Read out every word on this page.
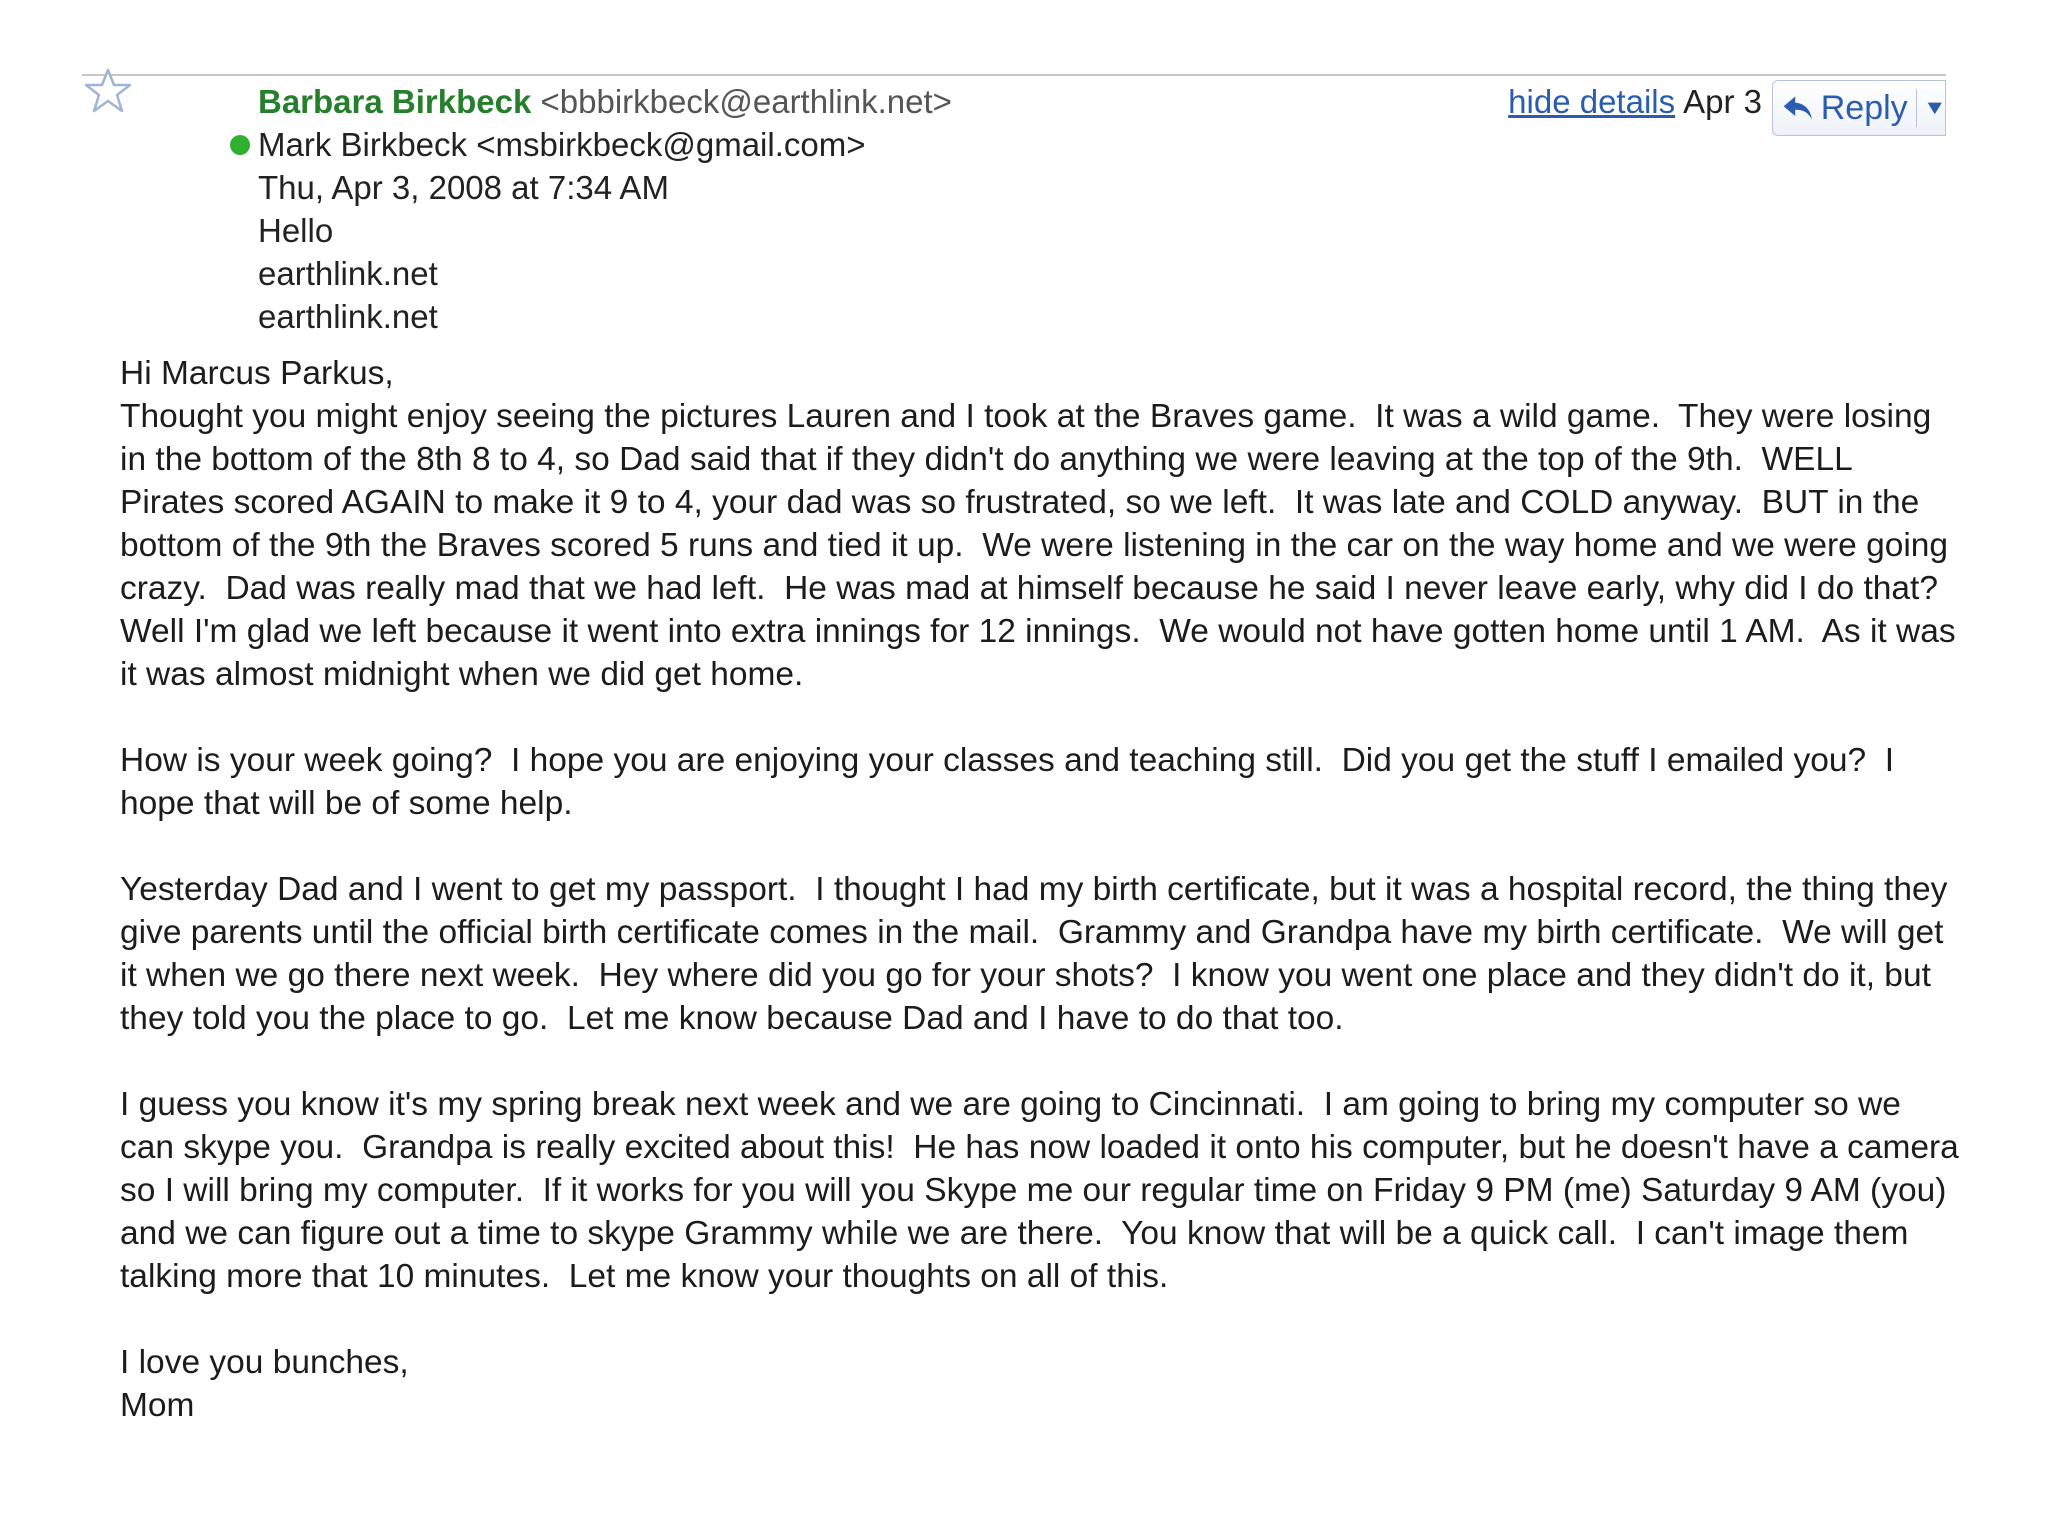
Barbara Birkbeck <bbbirkbeck@earthlink.net>
Mark Birkbeck <msbirkbeck@gmail.com>
Thu, Apr 3, 2008 at 7:34 AM
Hello
earthlink.net
earthlink.net
hide details Apr 3 Reply

Hi Marcus Parkus,

Thought you might enjoy seeing the pictures Lauren and I took at the Braves game.  It was a wild game.  They were losing in the bottom of the 8th 8 to 4, so Dad said that if they didn't do anything we were leaving at the top of the 9th.  WELL Pirates scored AGAIN to make it 9 to 4, your dad was so frustrated, so we left.  It was late and COLD anyway.  BUT in the bottom of the 9th the Braves scored 5 runs and tied it up.  We were listening in the car on the way home and we were going crazy.  Dad was really mad that we had left.  He was mad at himself because he said I never leave early, why did I do that?  Well I'm glad we left because it went into extra innings for 12 innings.  We would not have gotten home until 1 AM.  As it was it was almost midnight when we did get home.

How is your week going?  I hope you are enjoying your classes and teaching still.  Did you get the stuff I emailed you?  I hope that will be of some help.

Yesterday Dad and I went to get my passport.  I thought I had my birth certificate, but it was a hospital record, the thing they give parents until the official birth certificate comes in the mail.  Grammy and Grandpa have my birth certificate.  We will get it when we go there next week.  Hey where did you go for your shots?  I know you went one place and they didn't do it, but they told you the place to go.  Let me know because Dad and I have to do that too.

I guess you know it's my spring break next week and we are going to Cincinnati.  I am going to bring my computer so we can skype you.  Grandpa is really excited about this!  He has now loaded it onto his computer, but he doesn't have a camera so I will bring my computer.  If it works for you will you Skype me our regular time on Friday 9 PM (me) Saturday 9 AM (you) and we can figure out a time to skype Grammy while we are there.  You know that will be a quick call.  I can't image them talking more that 10 minutes.  Let me know your thoughts on all of this.

I love you bunches,

Mom
